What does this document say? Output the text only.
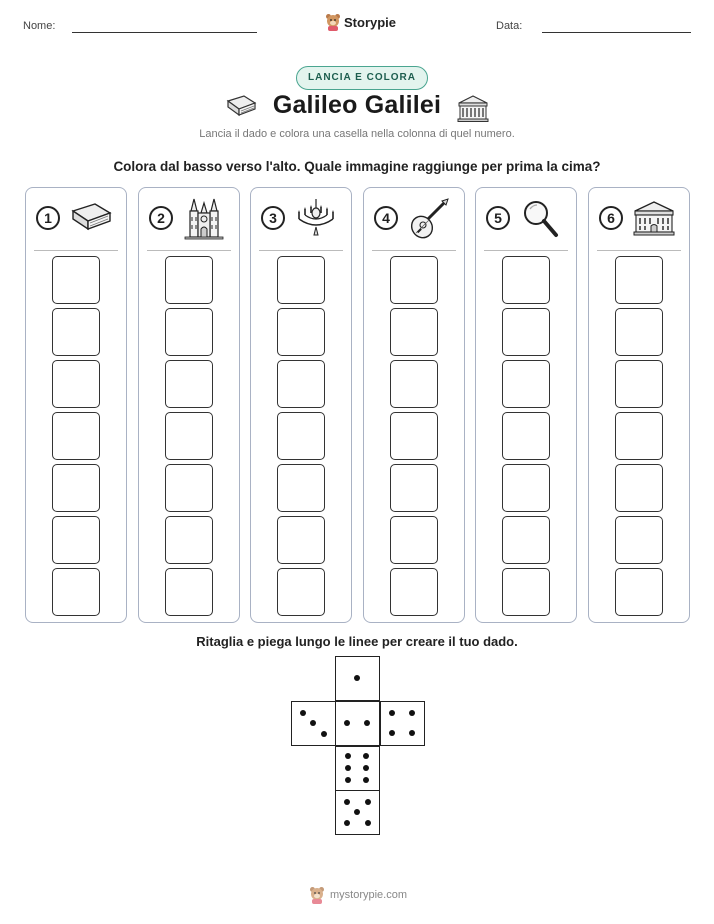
Nome:	Storypie	Data:
LANCIA E COLORA
Galileo Galilei
Lancia il dado e colora una casella nella colonna di quel numero.
Colora dal basso verso l'alto. Quale immagine raggiunge per prima la cima?
1	2	3	4	5	6
Ritaglia e piega lungo le linee per creare il tuo dado.
mystorypie.com
